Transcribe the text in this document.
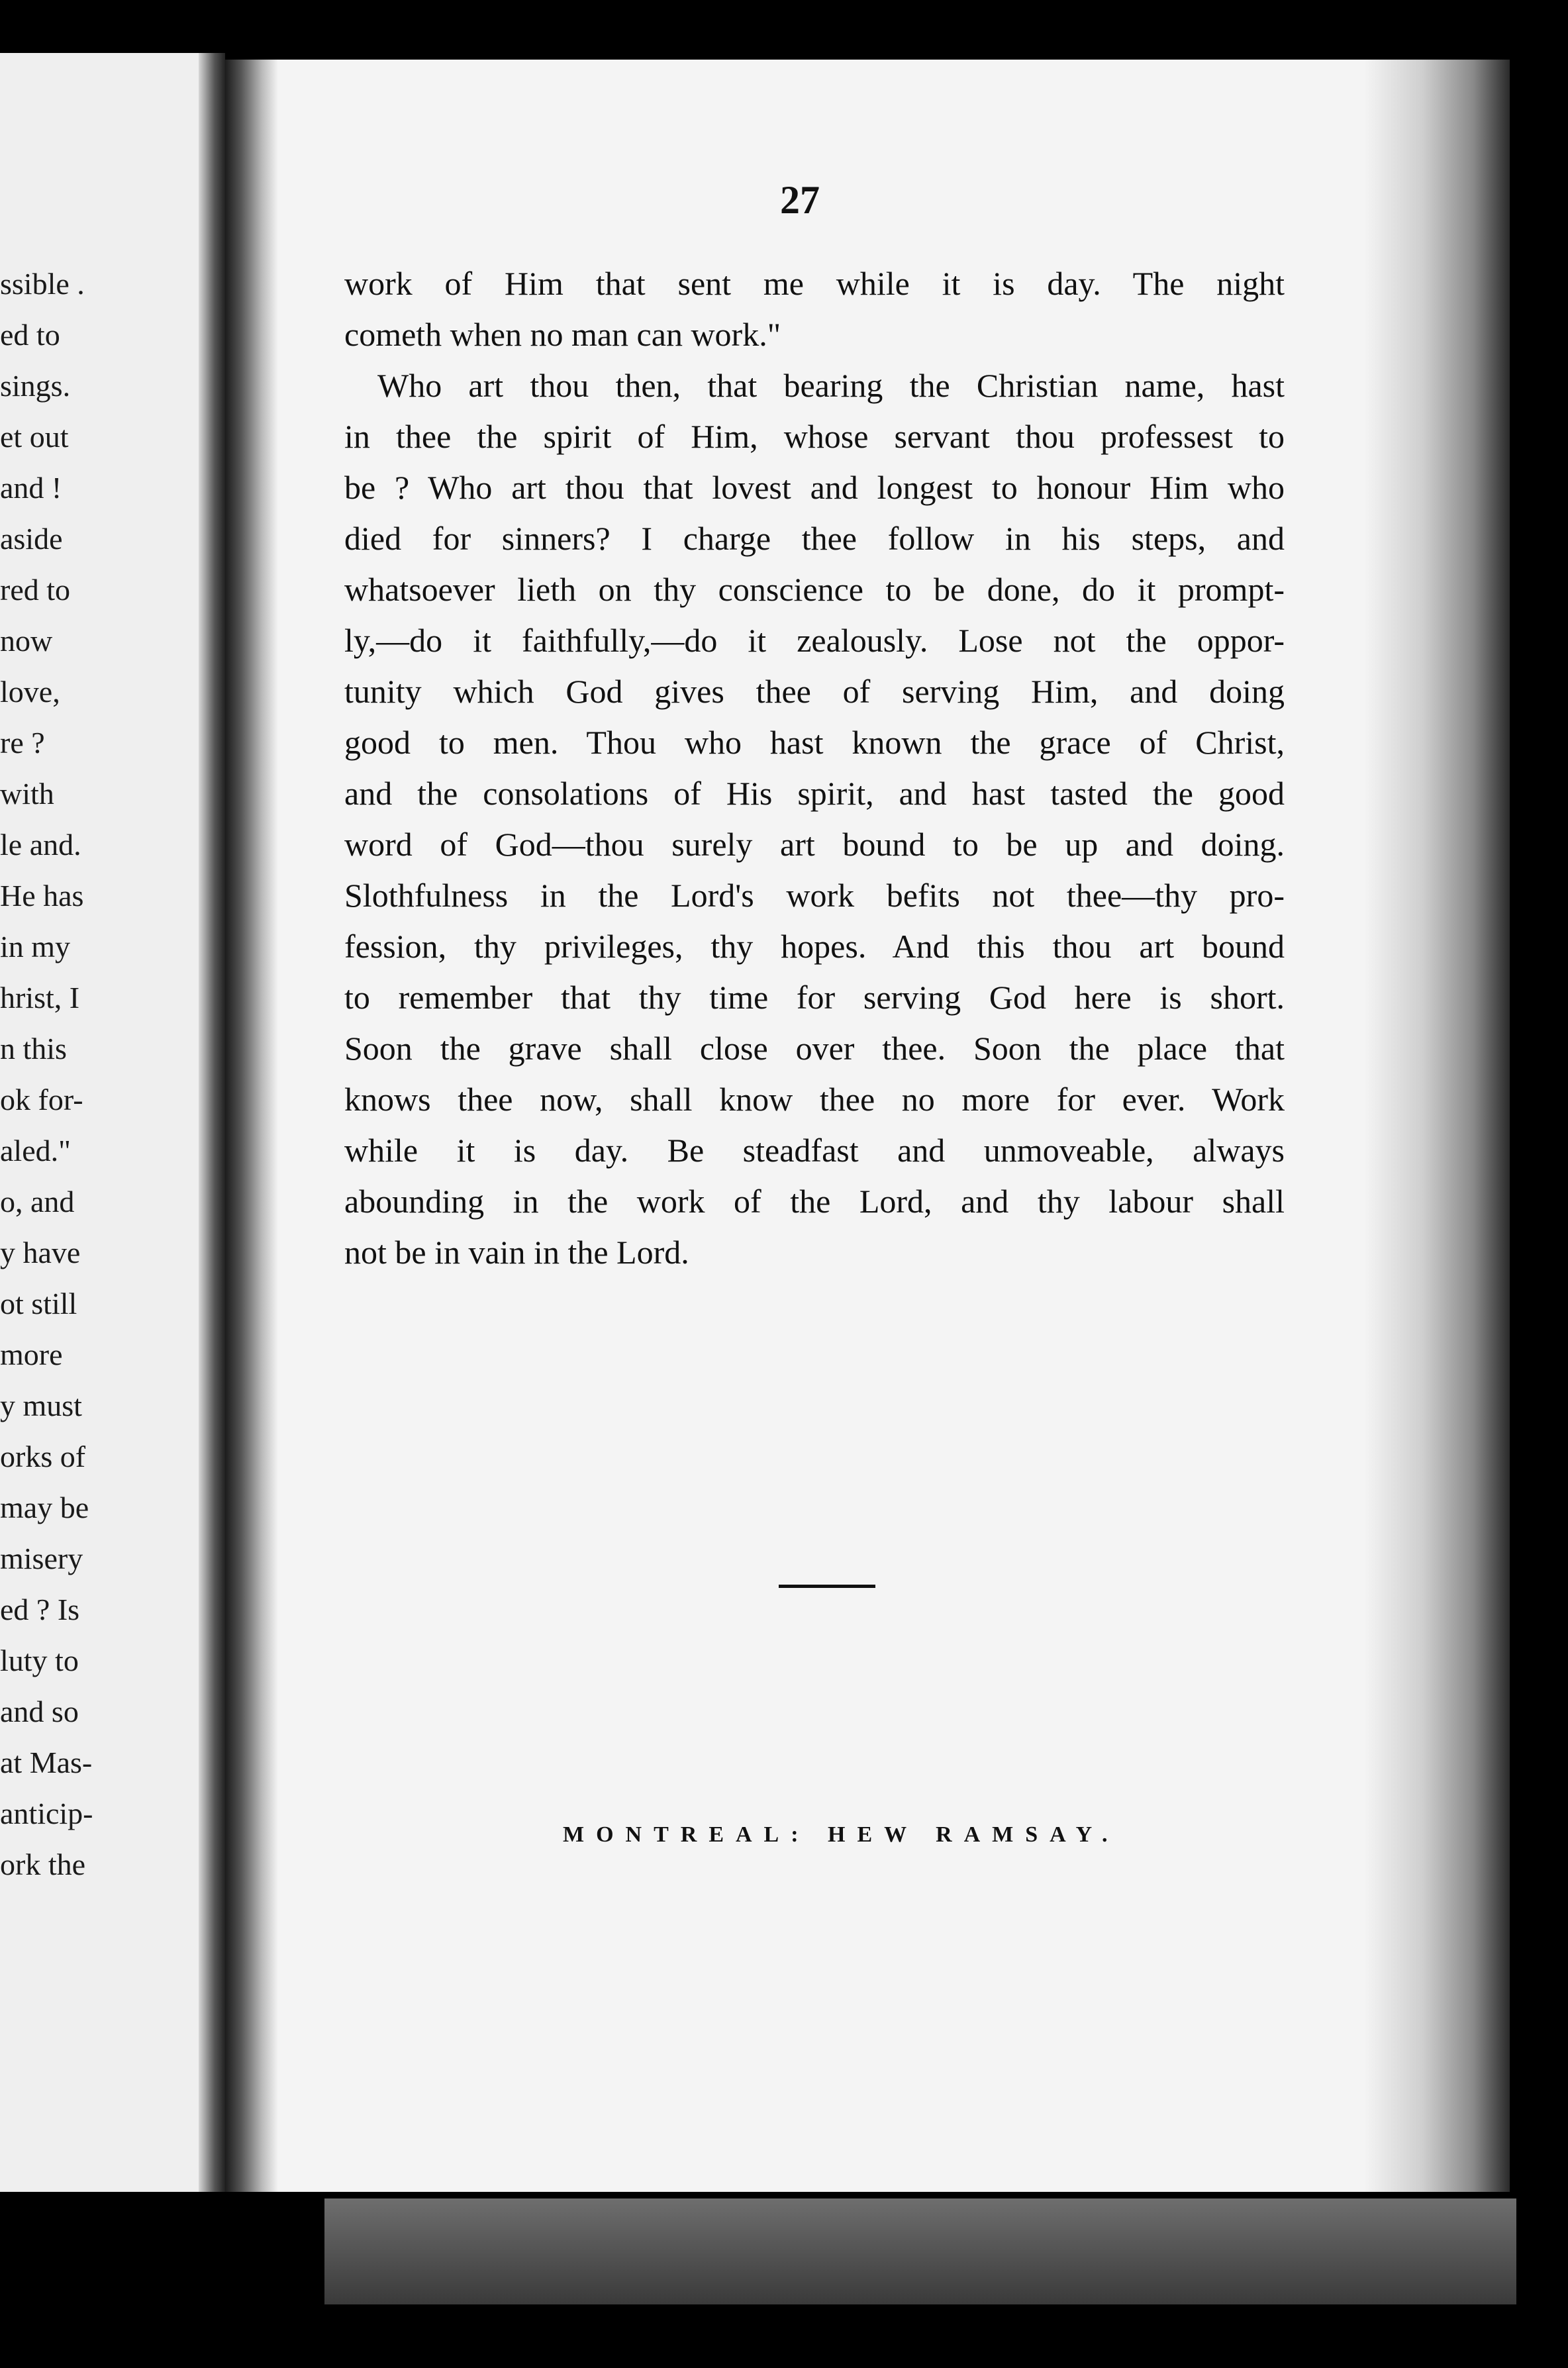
ssible .
ed to
sings.
et out
and !
aside
red to
now
love,
re ?
with
le and.
He has
in my
hrist, I
n this
ok for-
aled."
o, and
y have
ot still
more
y must
orks of
may be
misery
ed ? Is
luty to
and so
at Mas-
anticip-
ork the
27
work of Him that sent me while it is day. The night
cometh when no man can work."
Who art thou then, that bearing the Christian name, hast
in thee the spirit of Him, whose servant thou professest to
be ? Who art thou that lovest and longest to honour Him who
died for sinners? I charge thee follow in his steps, and
whatsoever lieth on thy conscience to be done, do it prompt-
ly,—do it faithfully,—do it zealously. Lose not the oppor-
tunity which God gives thee of serving Him, and doing
good to men. Thou who hast known the grace of Christ,
and the consolations of His spirit, and hast tasted the good
word of God—thou surely art bound to be up and doing.
Slothfulness in the Lord's work befits not thee—thy pro-
fession, thy privileges, thy hopes. And this thou art bound
to remember that thy time for serving God here is short.
Soon the grave shall close over thee. Soon the place that
knows thee now, shall know thee no more for ever. Work
while it is day. Be steadfast and unmoveable, always
abounding in the work of the Lord, and thy labour shall
not be in vain in the Lord.
MONTREAL: HEW RAMSAY.
